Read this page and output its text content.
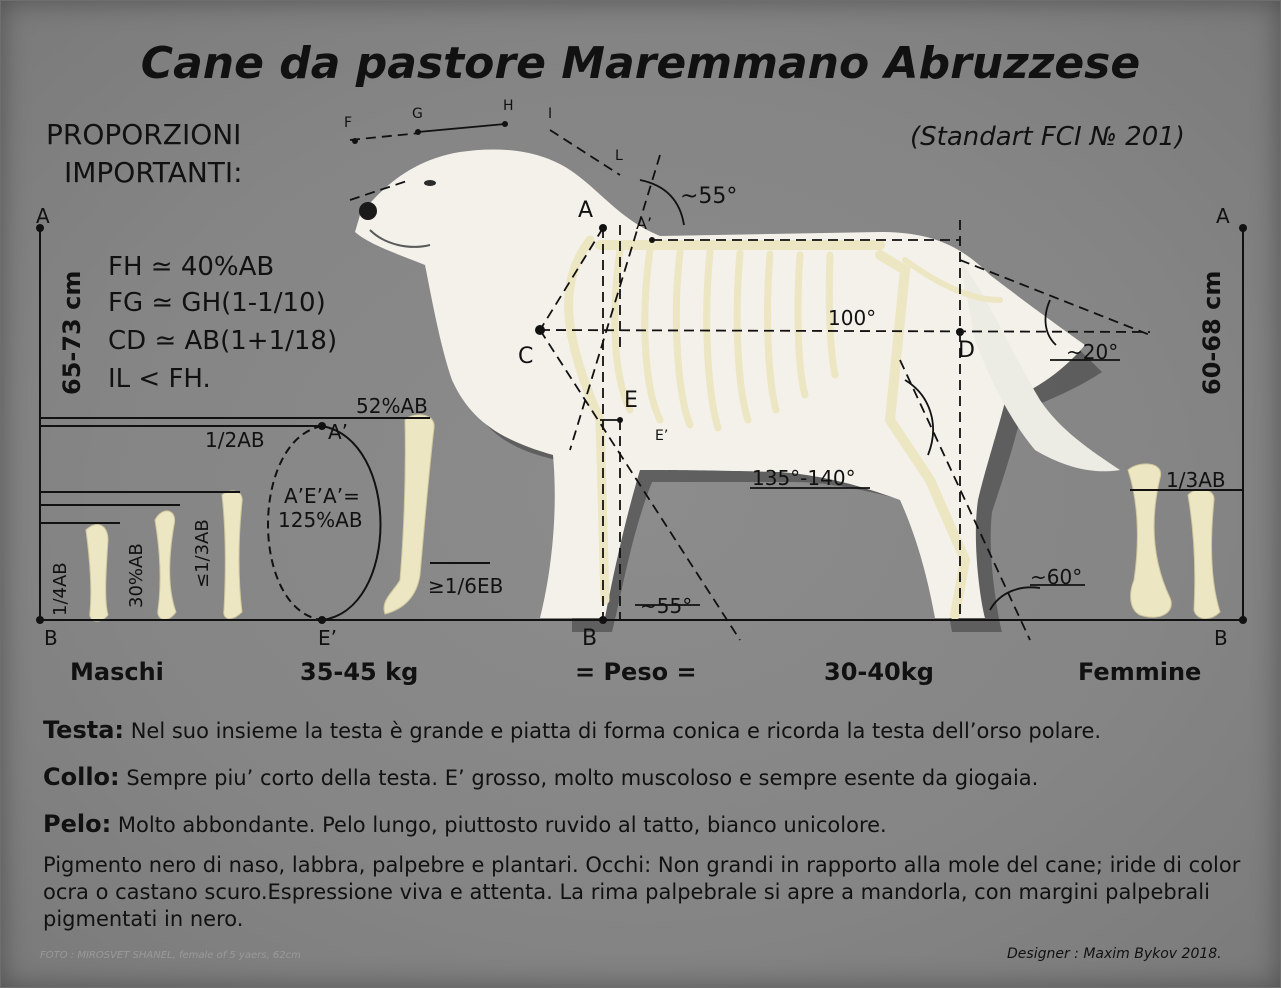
Cane da pastore Maremmano Abruzzese
PROPORZIONI
IMPORTANTI:
(Standart FCI № 201)
FH ≃ 40%AB
FG ≃ GH(1-1/10)
CD ≃ AB(1+1/18)
IL < FH.
65-73 cm	60-68 cm
A	A
A
A’
B	B
B
C	D
E
E’
E’
A’
F
G	H I
L
~55°
~20°
100°
135°-140°
~60°
~55°
52%AB
1/2AB
A’E’A’=
125%AB
≥1/6EB
1/3AB
1/4AB	30%AB	≤1/3AB
Maschi	35-45 kg	= Peso =	30-40kg	Femmine
Testa: Nel suo insieme la testa è grande e piatta di forma conica e ricorda la testa dell’orso polare.
Collo: Sempre piu’ corto della testa. E’ grosso, molto muscoloso e sempre esente da giogaia.
Pelo: Molto abbondante. Pelo lungo, piuttosto ruvido al tatto, bianco unicolore.
Pigmento nero di naso, labbra, palpebre e plantari. Occhi: Non grandi in rapporto alla mole del cane; iride di color ocra o castano scuro.Espressione viva e attenta. La rima palpebrale si apre a mandorla, con margini palpebrali pigmentati in nero.
FOTO : MIROSVET SHANEL, female of 5 yaers, 62cm	Designer : Maxim Bykov 2018.
